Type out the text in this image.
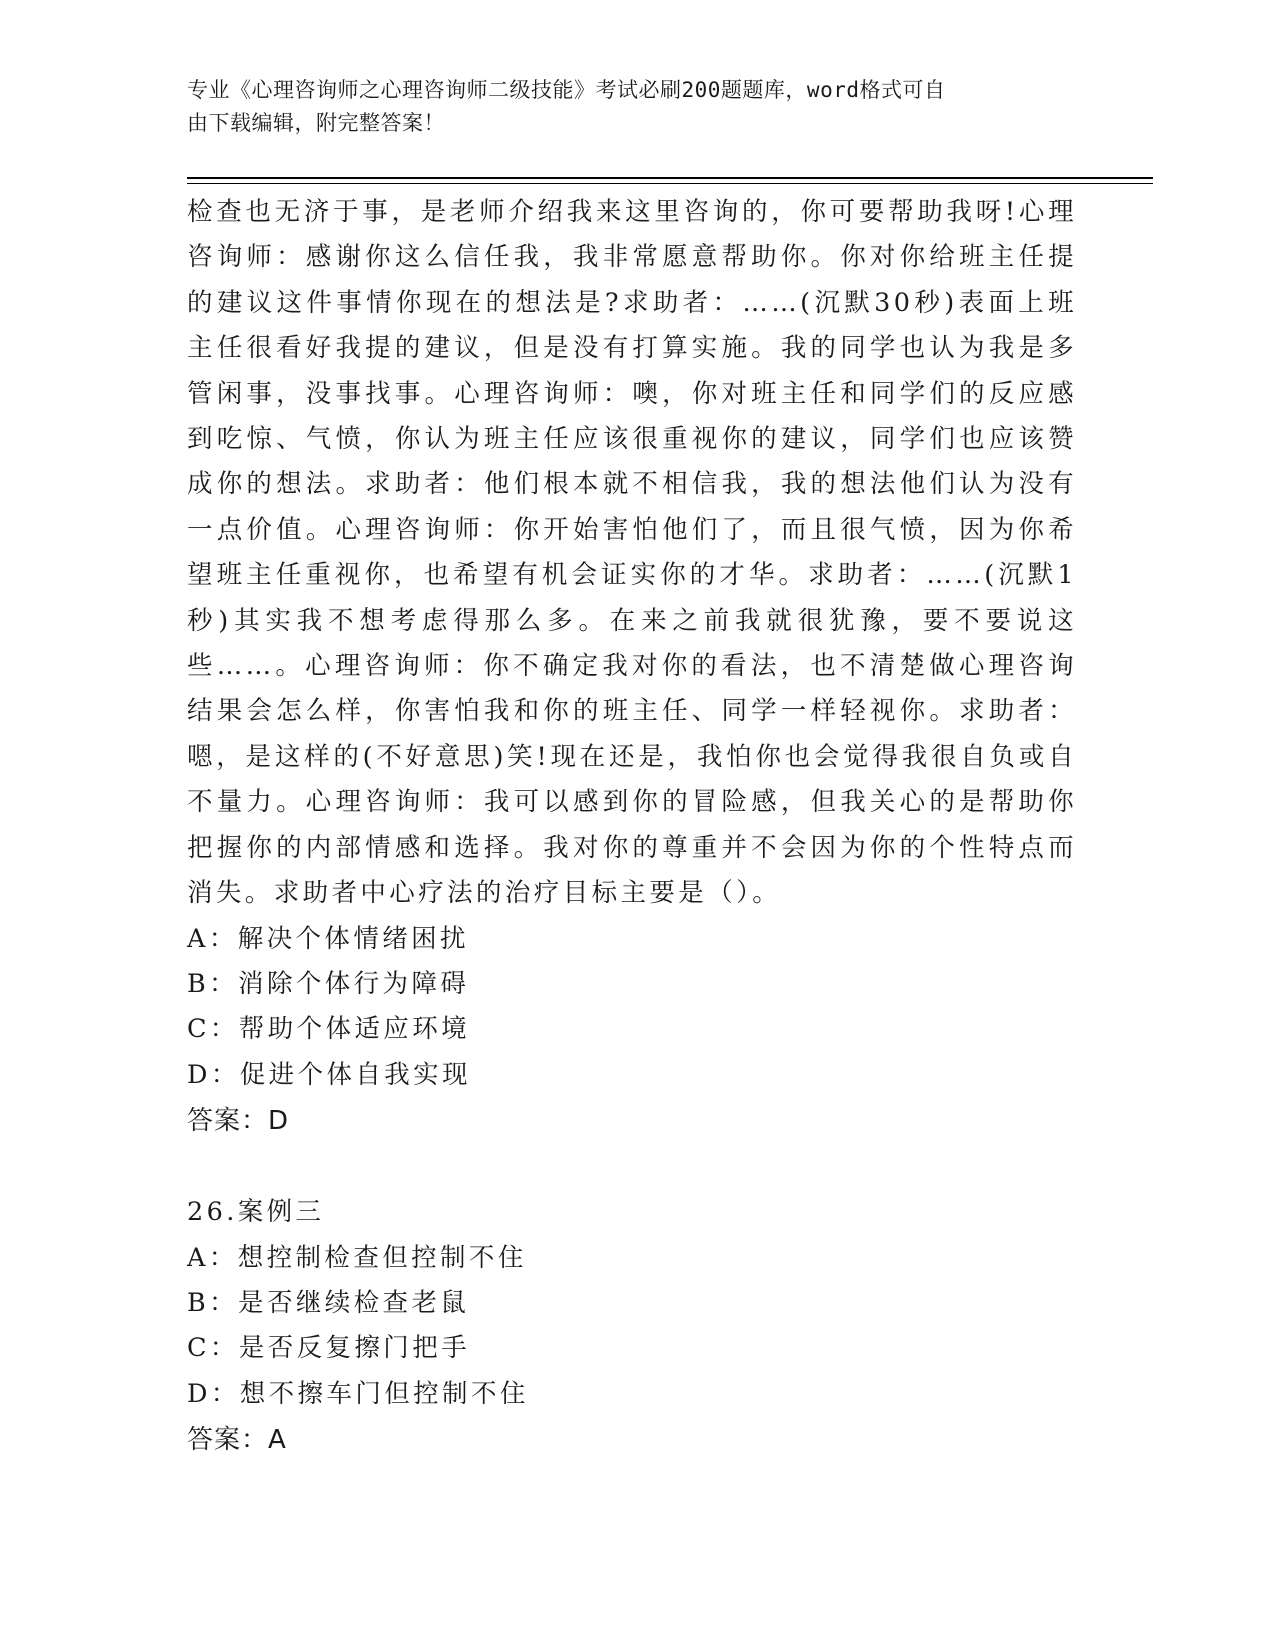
专业《心理咨询师之心理咨询师二级技能》考试必刷200题题库，word格式可自
由下载编辑，附完整答案！

检查也无济于事，是老师介绍我来这里咨询的，你可要帮助我呀!心理咨询师：感谢你这么信任我，我非常愿意帮助你。你对你给班主任提的建议这件事情你现在的想法是?求助者：……(沉默30秒)表面上班主任很看好我提的建议，但是没有打算实施。我的同学也认为我是多管闲事，没事找事。心理咨询师：噢，你对班主任和同学们的反应感到吃惊、气愤，你认为班主任应该很重视你的建议，同学们也应该赞成你的想法。求助者：他们根本就不相信我，我的想法他们认为没有一点价值。心理咨询师：你开始害怕他们了，而且很气愤，因为你希望班主任重视你，也希望有机会证实你的才华。求助者：……(沉默1秒)其实我不想考虑得那么多。在来之前我就很犹豫，要不要说这些……。心理咨询师：你不确定我对你的看法，也不清楚做心理咨询结果会怎么样，你害怕我和你的班主任、同学一样轻视你。求助者：嗯，是这样的(不好意思)笑!现在还是，我怕你也会觉得我很自负或自不量力。心理咨询师：我可以感到你的冒险感，但我关心的是帮助你把握你的内部情感和选择。我对你的尊重并不会因为你的个性特点而消失。求助者中心疗法的治疗目标主要是（）。

A：解决个体情绪困扰

B：消除个体行为障碍

C：帮助个体适应环境

D：促进个体自我实现

答案：D

26.案例三

A：想控制检查但控制不住

B：是否继续检查老鼠

C：是否反复擦门把手

D：想不擦车门但控制不住

答案：A
